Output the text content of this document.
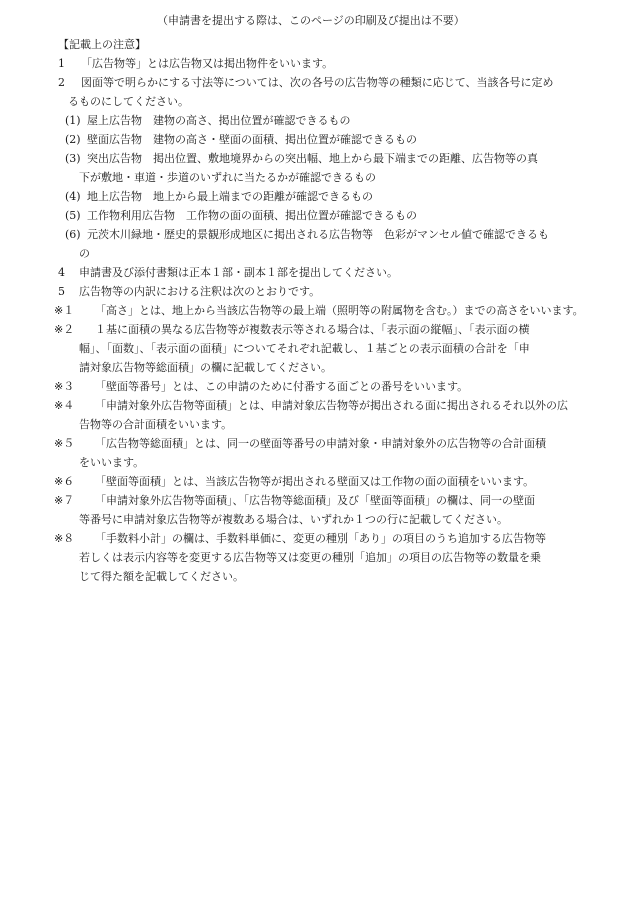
（申請書を提出する際は、このページの印刷及び提出は不要）
【記載上の注意】
1 「広告物等」とは広告物又は掲出物件をいいます。
2 図面等で明らかにする寸法等については、次の各号の広告物等の種類に応じて、当該各号に定め
るものにしてください。
(1) 屋上広告物　建物の高さ、掲出位置が確認できるもの
(2) 壁面広告物　建物の高さ・壁面の面積、掲出位置が確認できるもの
(3) 突出広告物　掲出位置、敷地境界からの突出幅、地上から最下端までの距離、広告物等の真
下が敷地・車道・歩道のいずれに当たるかが確認できるもの
(4) 地上広告物　地上から最上端までの距離が確認できるもの
(5) 工作物利用広告物　工作物の面の面積、掲出位置が確認できるもの
(6) 元茨木川緑地・歴史的景観形成地区に掲出される広告物等　色彩がマンセル値で確認できるも
の
4 申請書及び添付書類は正本１部・副本１部を提出してください。
5 広告物等の内訳における注釈は次のとおりです。
※１ 「高さ」とは、地上から当該広告物等の最上端（照明等の附属物を含む。）までの高さをいいます。
※２ １基に面積の異なる広告物等が複数表示等される場合は、「表示面の縦幅」、「表示面の横
幅」、「面数」、「表示面の面積」についてそれぞれ記載し、１基ごとの表示面積の合計を「申
請対象広告物等総面積」の欄に記載してください。
※３ 「壁面等番号」とは、この申請のために付番する面ごとの番号をいいます。
※４ 「申請対象外広告物等面積」とは、申請対象広告物等が掲出される面に掲出されるそれ以外の広
告物等の合計面積をいいます。
※５ 「広告物等総面積」とは、同一の壁面等番号の申請対象・申請対象外の広告物等の合計面積
をいいます。
※６ 「壁面等面積」とは、当該広告物等が掲出される壁面又は工作物の面の面積をいいます。
※７ 「申請対象外広告物等面積」、「広告物等総面積」及び「壁面等面積」の欄は、同一の壁面
等番号に申請対象広告物等が複数ある場合は、いずれか１つの行に記載してください。
※８ 「手数料小計」の欄は、手数料単価に、変更の種別「あり」の項目のうち追加する広告物等
若しくは表示内容等を変更する広告物等又は変更の種別「追加」の項目の広告物等の数量を乗
じて得た額を記載してください。
